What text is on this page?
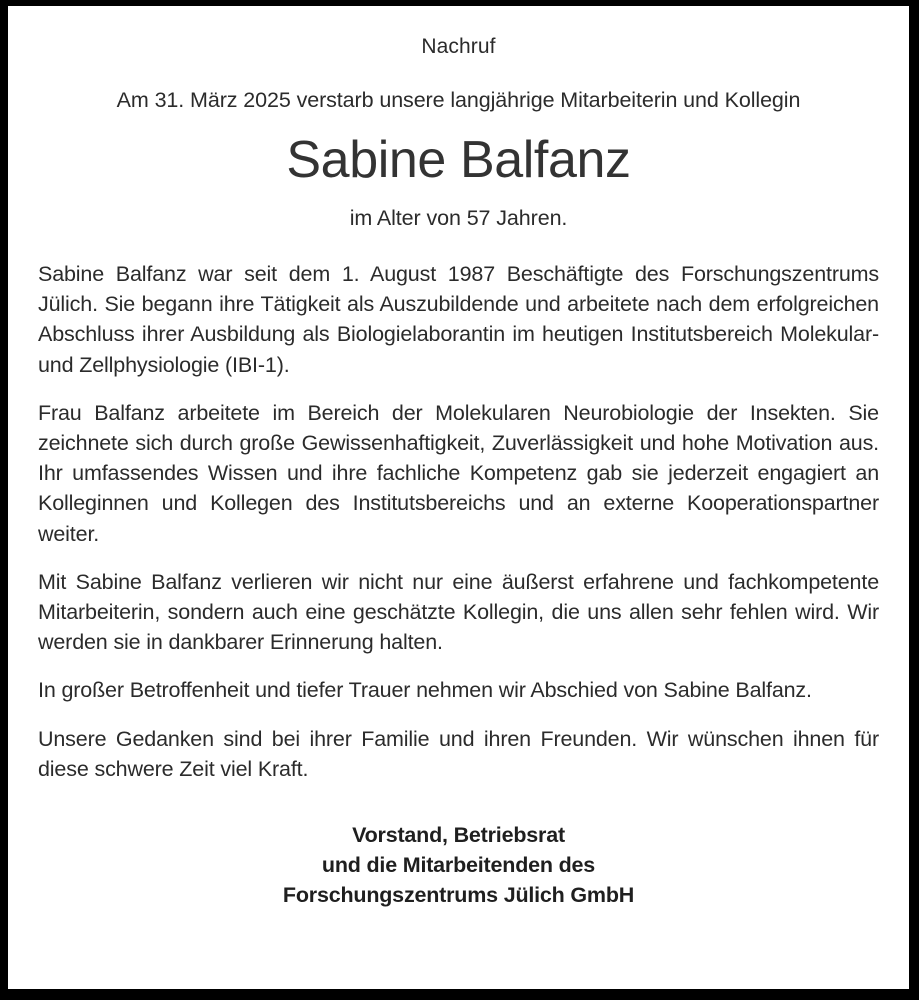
Nachruf
Am 31. März 2025 verstarb unsere langjährige Mitarbeiterin und Kollegin
Sabine Balfanz
im Alter von 57 Jahren.

Sabine Balfanz war seit dem 1. August 1987 Beschäftigte des Forschungszentrums Jülich. Sie begann ihre Tätigkeit als Auszubildende und arbeitete nach dem erfolgreichen Abschluss ihrer Ausbildung als Biologielaborantin im heutigen Institutsbereich Molekular- und Zellphysiologie (IBI-1).

Frau Balfanz arbeitete im Bereich der Molekularen Neurobiologie der Insekten. Sie zeichnete sich durch große Gewissenhaftigkeit, Zuverlässigkeit und hohe Motivation aus. Ihr umfassendes Wissen und ihre fachliche Kompetenz gab sie jederzeit engagiert an Kolleginnen und Kollegen des Institutsbereichs und an externe Kooperationspartner weiter.

Mit Sabine Balfanz verlieren wir nicht nur eine äußerst erfahrene und fachkompetente Mitarbeiterin, sondern auch eine geschätzte Kollegin, die uns allen sehr fehlen wird. Wir werden sie in dankbarer Erinnerung halten.

In großer Betroffenheit und tiefer Trauer nehmen wir Abschied von Sabine Balfanz.

Unsere Gedanken sind bei ihrer Familie und ihren Freunden. Wir wünschen ihnen für diese schwere Zeit viel Kraft.

Vorstand, Betriebsrat
und die Mitarbeitenden des
Forschungszentrums Jülich GmbH
